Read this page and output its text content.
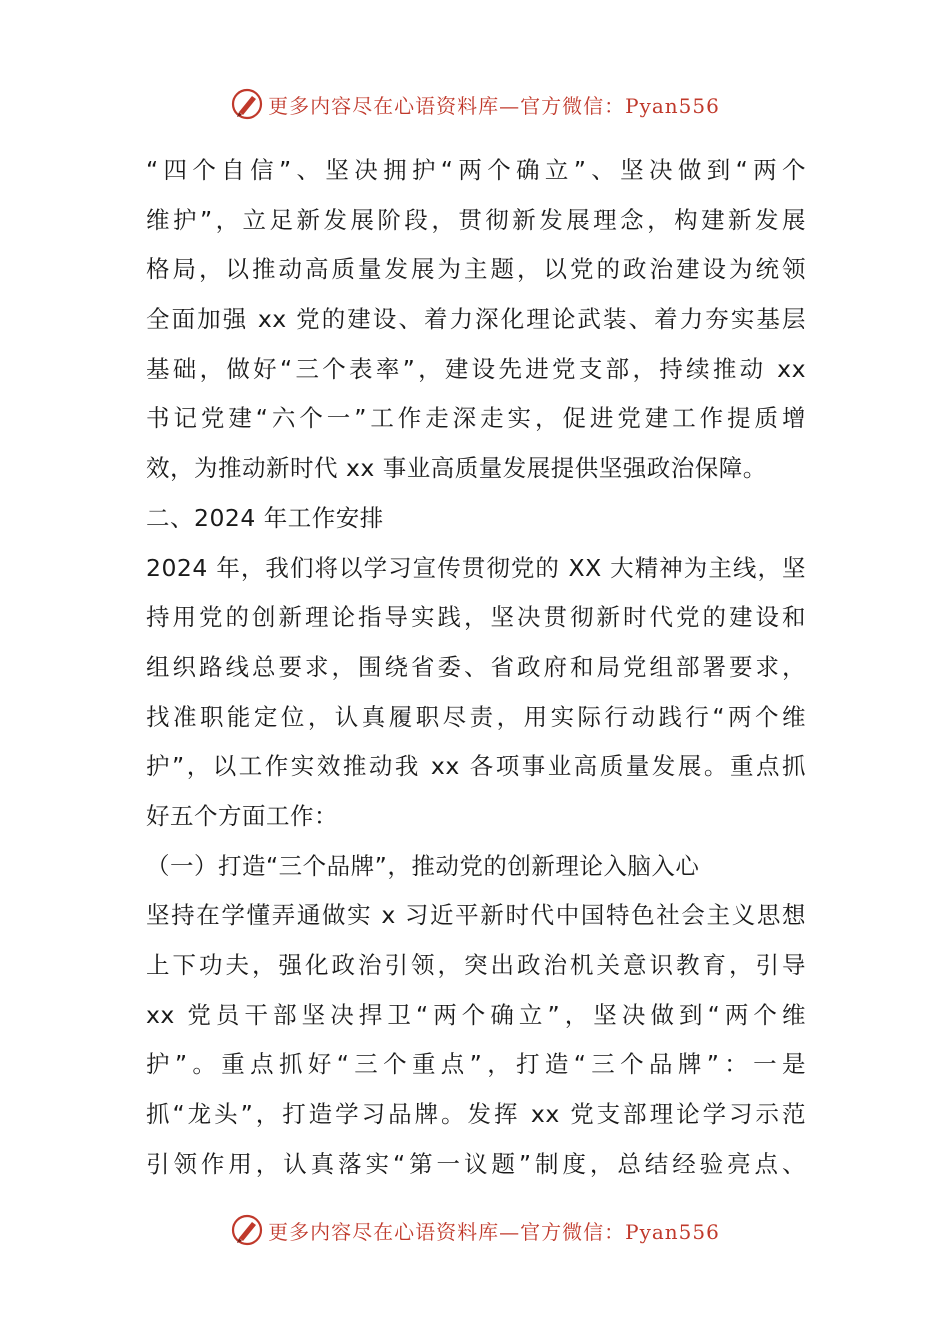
更多内容尽在心语资料库—官方微信：Pyan556
“四个自信”、坚决拥护“两个确立”、坚决做到“两个
维护”，立足新发展阶段，贯彻新发展理念，构建新发展
格局，以推动高质量发展为主题，以党的政治建设为统领
全面加强 xx 党的建设、着力深化理论武装、着力夯实基层
基础，做好“三个表率”，建设先进党支部，持续推动 xx
书记党建“六个一”工作走深走实，促进党建工作提质增
效，为推动新时代 xx 事业高质量发展提供坚强政治保障。
二、2024 年工作安排
2024 年，我们将以学习宣传贯彻党的 XX 大精神为主线，坚
持用党的创新理论指导实践，坚决贯彻新时代党的建设和
组织路线总要求，围绕省委、省政府和局党组部署要求，
找准职能定位，认真履职尽责，用实际行动践行“两个维
护”，以工作实效推动我 xx 各项事业高质量发展。重点抓
好五个方面工作：
（一）打造“三个品牌”，推动党的创新理论入脑入心
坚持在学懂弄通做实 x 习近平新时代中国特色社会主义思想
上下功夫，强化政治引领，突出政治机关意识教育，引导
xx 党员干部坚决捍卫“两个确立”，坚决做到“两个维
护”。重点抓好“三个重点”，打造“三个品牌”：一是
抓“龙头”，打造学习品牌。发挥 xx 党支部理论学习示范
引领作用，认真落实“第一议题”制度，总结经验亮点、
更多内容尽在心语资料库—官方微信：Pyan556
